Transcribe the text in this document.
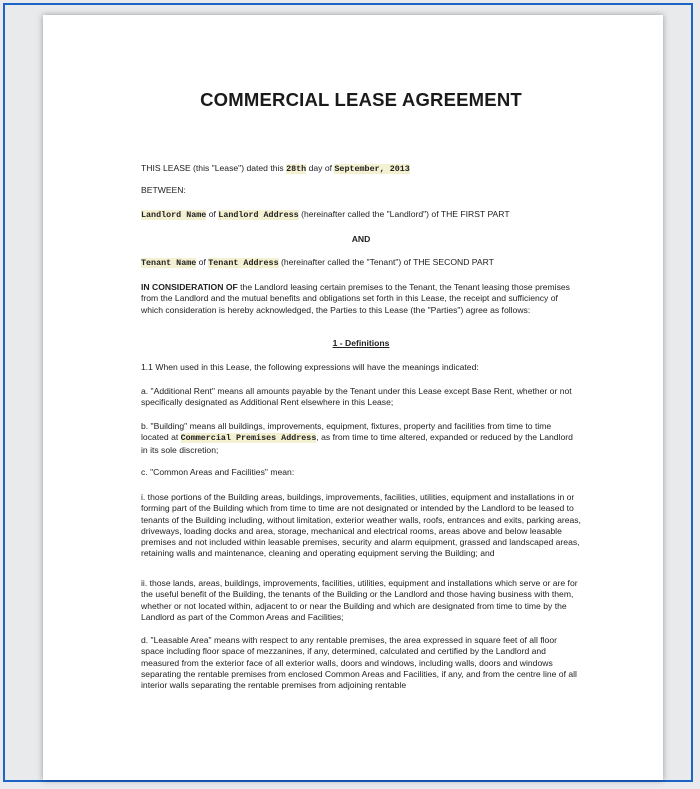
COMMERCIAL LEASE AGREEMENT

THIS LEASE (this "Lease") dated this 28th day of September, 2013

BETWEEN:

Landlord Name of Landlord Address (hereinafter called the "Landlord") of THE FIRST PART

AND

Tenant Name of Tenant Address (hereinafter called the "Tenant") of THE SECOND PART

IN CONSIDERATION OF the Landlord leasing certain premises to the Tenant, the Tenant leasing those premises from the Landlord and the mutual benefits and obligations set forth in this Lease, the receipt and sufficiency of which consideration is hereby acknowledged, the Parties to this Lease (the "Parties") agree as follows:

1 - Definitions

1.1 When used in this Lease, the following expressions will have the meanings indicated:

a. "Additional Rent" means all amounts payable by the Tenant under this Lease except Base Rent, whether or not specifically designated as Additional Rent elsewhere in this Lease;

b. "Building" means all buildings, improvements, equipment, fixtures, property and facilities from time to time located at Commercial Premises Address, as from time to time altered, expanded or reduced by the Landlord in its sole discretion;

c. "Common Areas and Facilities" mean:

i. those portions of the Building areas, buildings, improvements, facilities, utilities, equipment and installations in or forming part of the Building which from time to time are not designated or intended by the Landlord to be leased to tenants of the Building including, without limitation, exterior weather walls, roofs, entrances and exits, parking areas, driveways, loading docks and area, storage, mechanical and electrical rooms, areas above and below leasable premises and not included within leasable premises, security and alarm equipment, grassed and landscaped areas, retaining walls and maintenance, cleaning and operating equipment serving the Building; and

ii. those lands, areas, buildings, improvements, facilities, utilities, equipment and installations which serve or are for the useful benefit of the Building, the tenants of the Building or the Landlord and those having business with them, whether or not located within, adjacent to or near the Building and which are designated from time to time by the Landlord as part of the Common Areas and Facilities;

d. "Leasable Area" means with respect to any rentable premises, the area expressed in square feet of all floor space including floor space of mezzanines, if any, determined, calculated and certified by the Landlord and measured from the exterior face of all exterior walls, doors and windows, including walls, doors and windows separating the rentable premises from enclosed Common Areas and Facilities, if any, and from the centre line of all interior walls separating the rentable premises from adjoining rentable
